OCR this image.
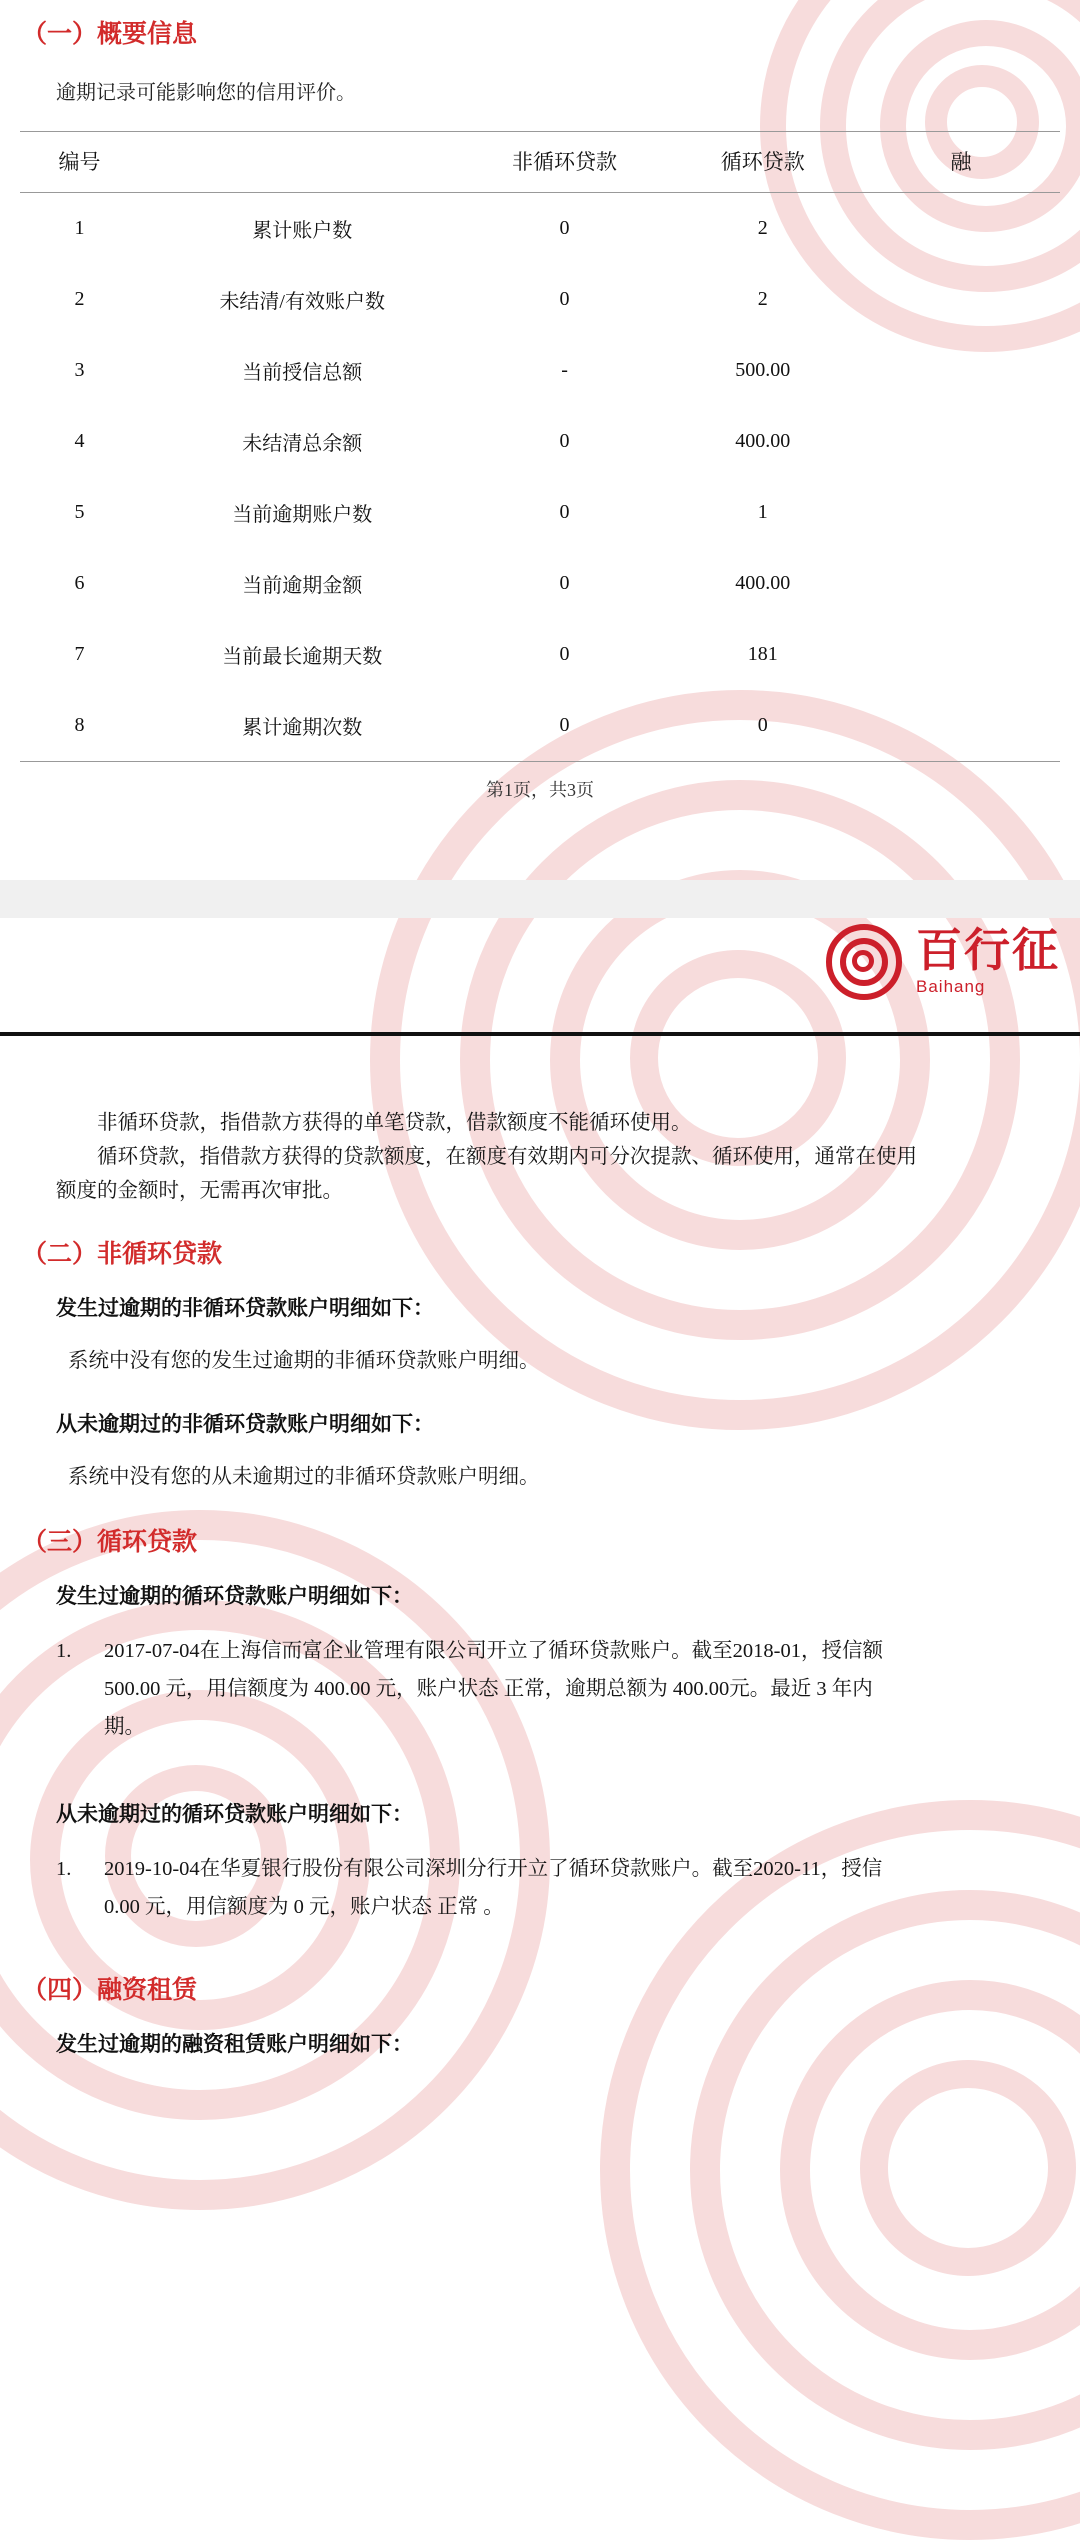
（一）概要信息
逾期记录可能影响您的信用评价。
编号		非循环贷款	循环贷款	融
1	累计账户数	0	2	
2	未结清/有效账户数	0	2	
3	当前授信总额	-	500.00	
4	未结清总余额	0	400.00	
5	当前逾期账户数	0	1	
6	当前逾期金额	0	400.00	
7	当前最长逾期天数	0	181	
8	累计逾期次数	0	0	
第1页，共3页
百行征
Baihang

非循环贷款，指借款方获得的单笔贷款，借款额度不能循环使用。

循环贷款，指借款方获得的贷款额度，在额度有效期内可分次提款、循环使用，通常在使用

额度的金额时，无需再次审批。

（二）非循环贷款

发生过逾期的非循环贷款账户明细如下：

系统中没有您的发生过逾期的非循环贷款账户明细。

从未逾期过的非循环贷款账户明细如下：

系统中没有您的从未逾期过的非循环贷款账户明细。

（三）循环贷款

发生过逾期的循环贷款账户明细如下：

1.	2017-07-04在上海信而富企业管理有限公司开立了循环贷款账户。截至2018-01，授信额
500.00 元，用信额度为 400.00 元，账户状态 正常，逾期总额为 400.00元。最近 3 年内
期。

从未逾期过的循环贷款账户明细如下：

1.	2019-10-04在华夏银行股份有限公司深圳分行开立了循环贷款账户。截至2020-11，授信
0.00 元，用信额度为 0 元，账户状态 正常 。
（四）融资租赁

发生过逾期的融资租赁账户明细如下：
